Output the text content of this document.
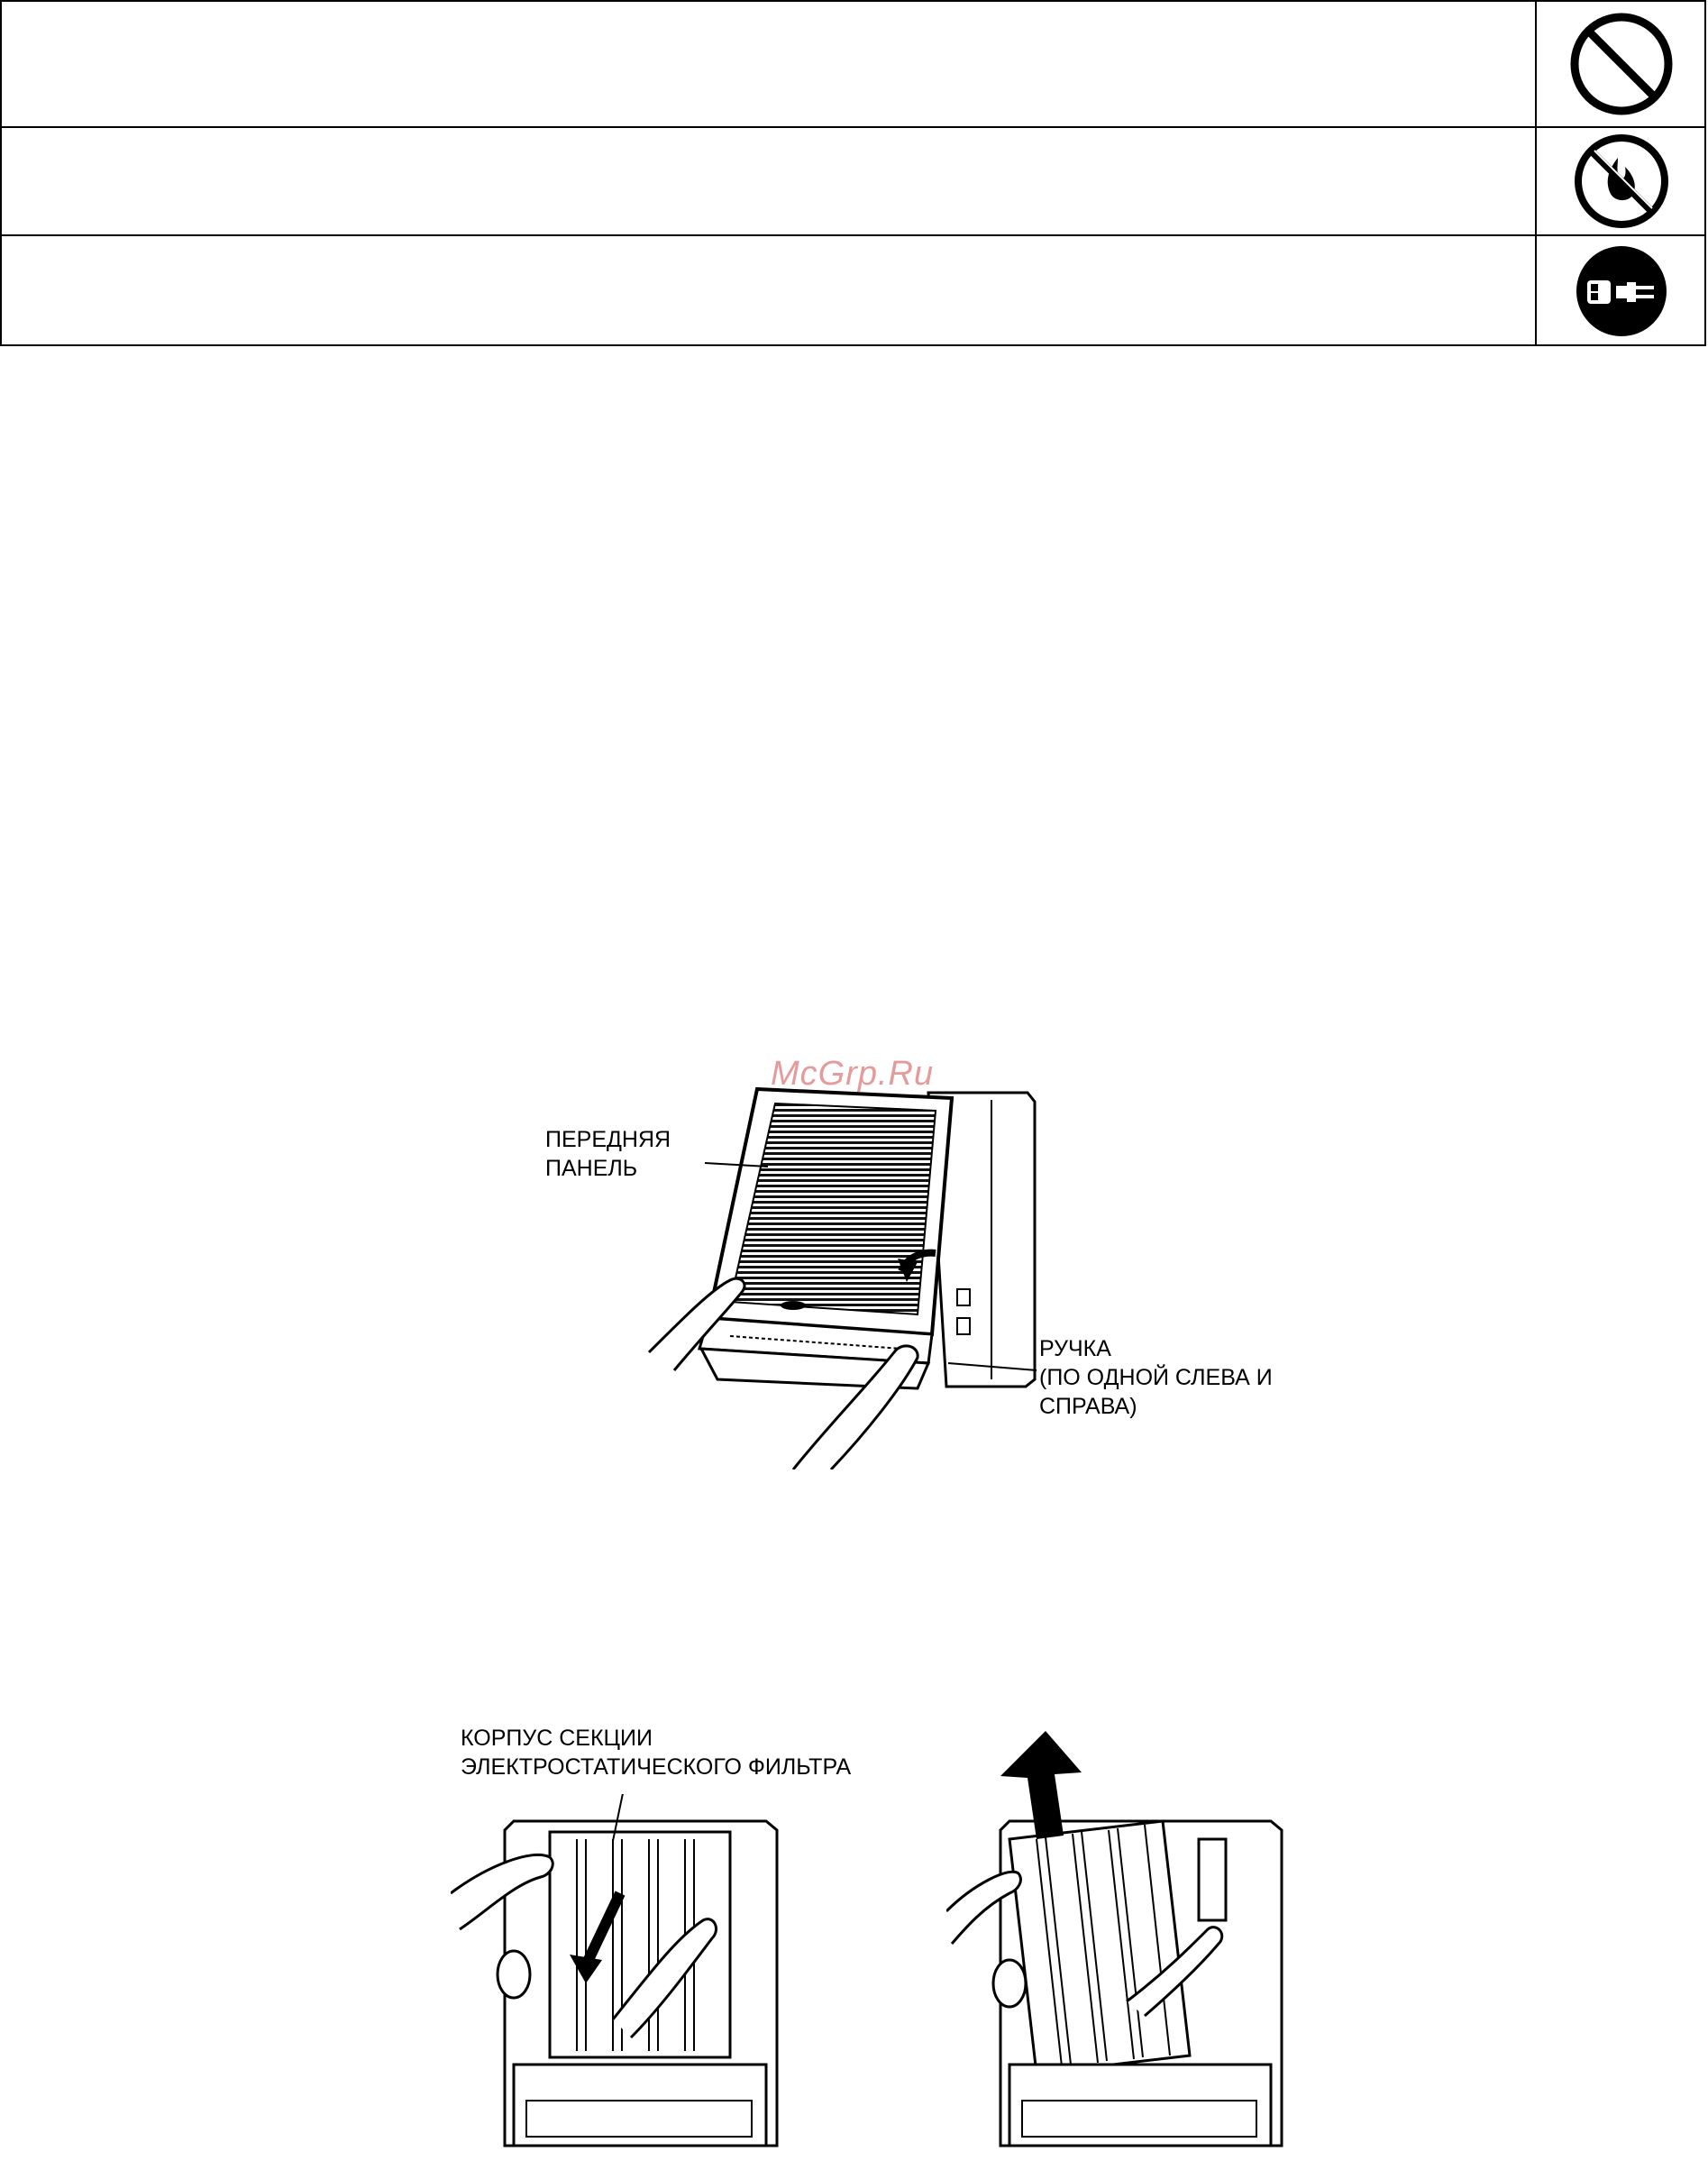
McGrp.Ru
ПЕРЕДНЯЯ
ПАНЕЛЬ
РУЧКА
(ПО ОДНОЙ СЛЕВА И
СПРАВА)
КОРПУС СЕКЦИИ
ЭЛЕКТРОСТАТИЧЕСКОГО ФИЛЬТРА
